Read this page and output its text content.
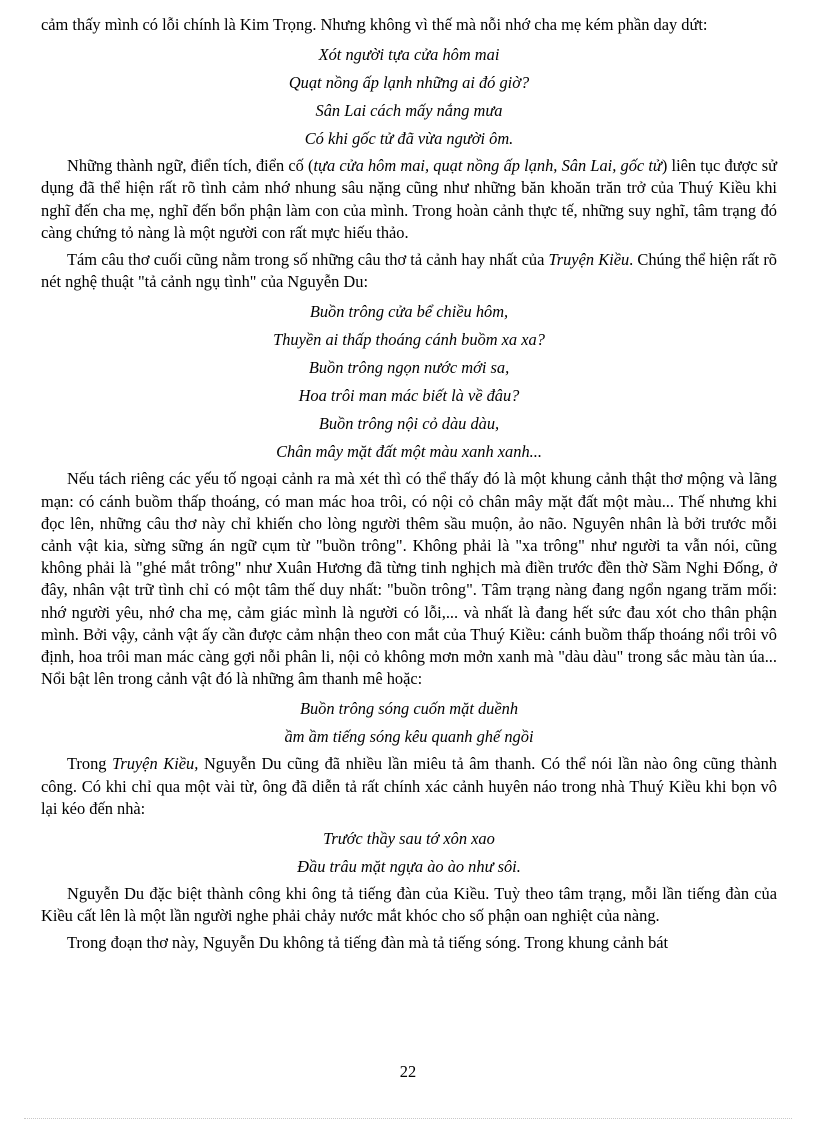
cảm thấy mình có lỗi chính là Kim Trọng. Nhưng không vì thế mà nỗi nhớ cha mẹ kém phần day dứt:

Xót người tựa cửa hôm mai
Quạt nồng ấp lạnh những ai đó giờ?
Sân Lai cách mấy nắng mưa
Có khi gốc tử đã vừa người ôm.

Những thành ngữ, điển tích, điển cố (tựa cửa hôm mai, quạt nồng ấp lạnh, Sân Lai, gốc tử) liên tục được sử dụng đã thể hiện rất rõ tình cảm nhớ nhung sâu nặng cũng như những băn khoăn trăn trở của Thuý Kiều khi nghĩ đến cha mẹ, nghĩ đến bổn phận làm con của mình. Trong hoàn cảnh thực tế, những suy nghĩ, tâm trạng đó càng chứng tỏ nàng là một người con rất mực hiếu thảo.

Tám câu thơ cuối cũng nằm trong số những câu thơ tả cảnh hay nhất của Truyện Kiều. Chúng thể hiện rất rõ nét nghệ thuật "tả cảnh ngụ tình" của Nguyễn Du:

Buồn trông cửa bể chiều hôm,
Thuyền ai thấp thoáng cánh buồm xa xa?
Buồn trông ngọn nước mới sa,
Hoa trôi man mác biết là về đâu?
Buồn trông nội cỏ dàu dàu,
Chân mây mặt đất một màu xanh xanh...

Nếu tách riêng các yếu tố ngoại cảnh ra mà xét thì có thể thấy đó là một khung cảnh thật thơ mộng và lãng mạn: có cánh buồm thấp thoáng, có man mác hoa trôi, có nội cỏ chân mây mặt đất một màu... Thế nhưng khi đọc lên, những câu thơ này chỉ khiến cho lòng người thêm sầu muộn, ảo não. Nguyên nhân là bởi trước mỗi cảnh vật kia, sừng sững án ngữ cụm từ "buồn trông". Không phải là "xa trông" như người ta vẫn nói, cũng không phải là "ghé mắt trông" như Xuân Hương đã từng tinh nghịch mà điền trước đền thờ Sầm Nghi Đống, ở đây, nhân vật trữ tình chỉ có một tâm thế duy nhất: "buồn trông". Tâm trạng nàng đang ngổn ngang trăm mối: nhớ người yêu, nhớ cha mẹ, cảm giác mình là người có lỗi,... và nhất là đang hết sức đau xót cho thân phận mình. Bởi vậy, cảnh vật ấy cần được cảm nhận theo con mắt của Thuý Kiều: cánh buồm thấp thoáng nổi trôi vô định, hoa trôi man mác càng gợi nỗi phân li, nội cỏ không mơn mởn xanh mà "dàu dàu" trong sắc màu tàn úa... Nổi bật lên trong cảnh vật đó là những âm thanh mê hoặc:

Buồn trông sóng cuốn mặt duềnh
ầm ầm tiếng sóng kêu quanh ghế ngồi

Trong Truyện Kiều, Nguyễn Du cũng đã nhiều lần miêu tả âm thanh. Có thể nói lần nào ông cũng thành công. Có khi chỉ qua một vài từ, ông đã diễn tả rất chính xác cảnh huyên náo trong nhà Thuý Kiều khi bọn vô lại kéo đến nhà:

Trước thầy sau tớ xôn xao
Đầu trâu mặt ngựa ào ào như sôi.

Nguyễn Du đặc biệt thành công khi ông tả tiếng đàn của Kiều. Tuỳ theo tâm trạng, mỗi lần tiếng đàn của Kiều cất lên là một lần người nghe phải chảy nước mắt khóc cho số phận oan nghiệt của nàng.

Trong đoạn thơ này, Nguyễn Du không tả tiếng đàn mà tả tiếng sóng. Trong khung cảnh bát

22
